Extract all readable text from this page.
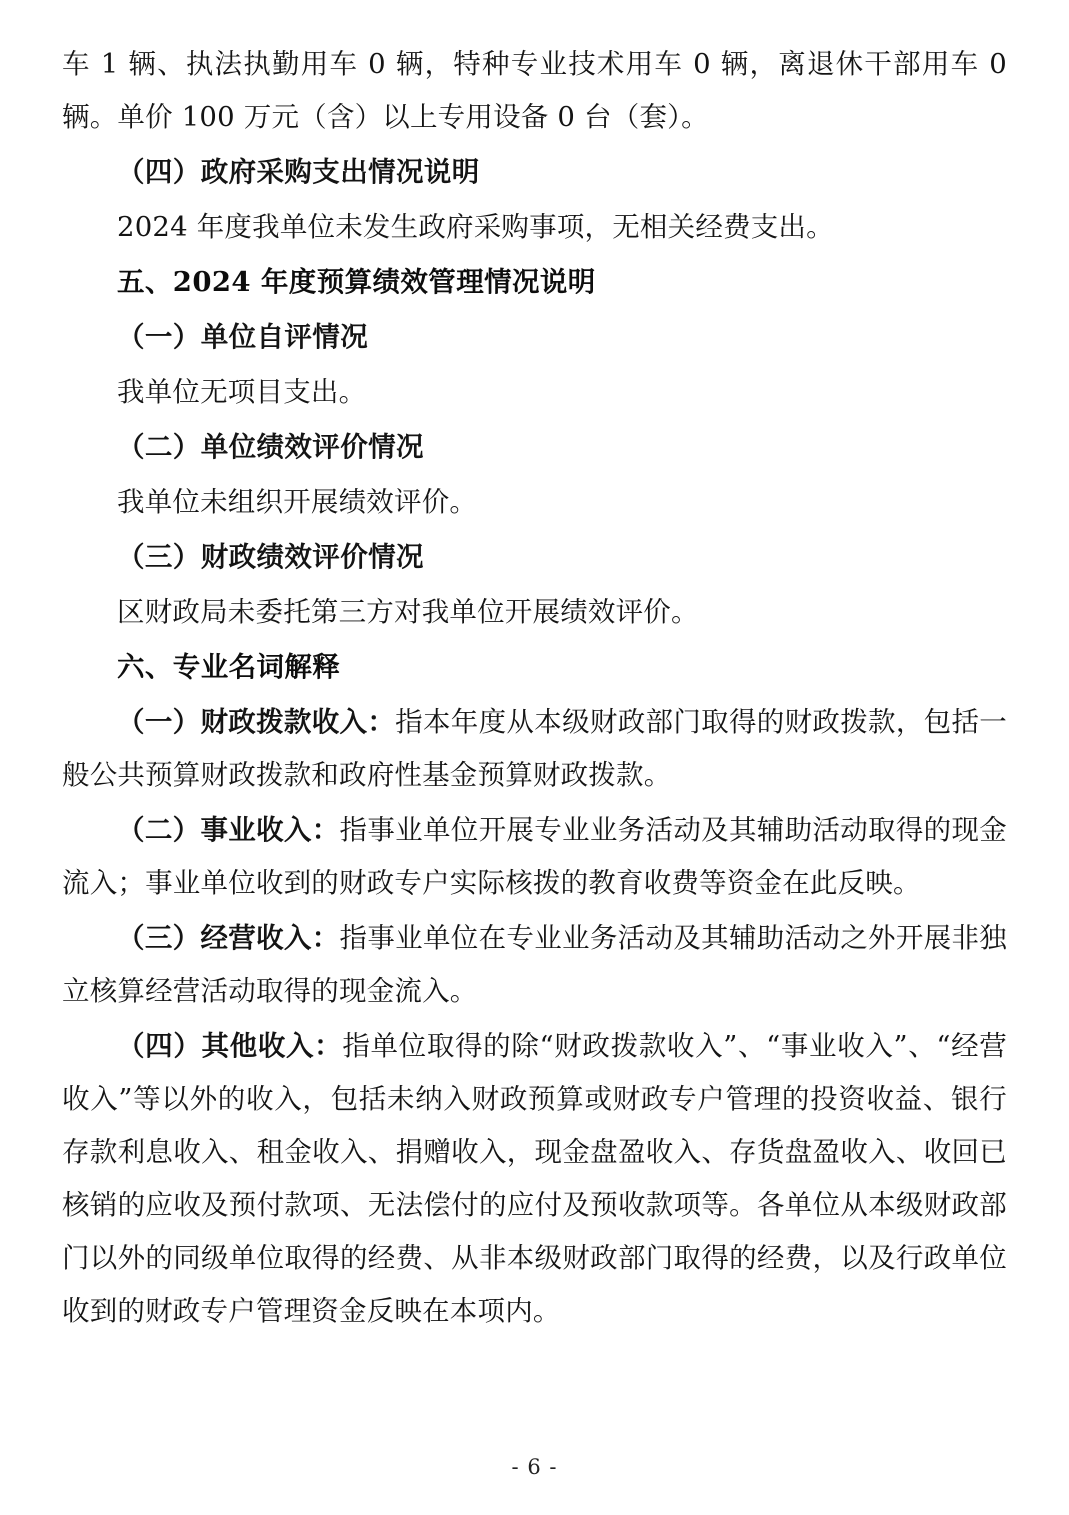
车 1 辆、执法执勤用车 0 辆，特种专业技术用车 0 辆，离退休干部用车 0 辆。单价 100 万元（含）以上专用设备 0 台（套）。

（四）政府采购支出情况说明

2024 年度我单位未发生政府采购事项，无相关经费支出。

五、2024 年度预算绩效管理情况说明

（一）单位自评情况

我单位无项目支出。

（二）单位绩效评价情况

我单位未组织开展绩效评价。

（三）财政绩效评价情况

区财政局未委托第三方对我单位开展绩效评价。

六、专业名词解释

（一）财政拨款收入：指本年度从本级财政部门取得的财政拨款，包括一般公共预算财政拨款和政府性基金预算财政拨款。

（二）事业收入：指事业单位开展专业业务活动及其辅助活动取得的现金流入；事业单位收到的财政专户实际核拨的教育收费等资金在此反映。

（三）经营收入：指事业单位在专业业务活动及其辅助活动之外开展非独立核算经营活动取得的现金流入。

（四）其他收入：指单位取得的除“财政拨款收入”、“事业收入”、“经营收入”等以外的收入，包括未纳入财政预算或财政专户管理的投资收益、银行存款利息收入、租金收入、捐赠收入，现金盘盈收入、存货盘盈收入、收回已核销的应收及预付款项、无法偿付的应付及预收款项等。各单位从本级财政部门以外的同级单位取得的经费、从非本级财政部门取得的经费，以及行政单位收到的财政专户管理资金反映在本项内。

- 6 -
